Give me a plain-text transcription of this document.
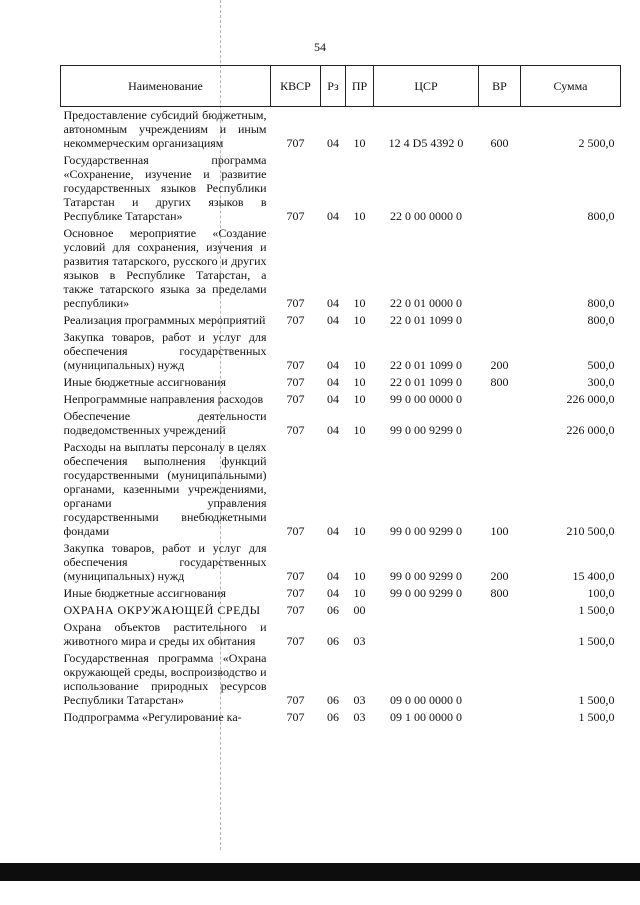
54
Наименование	КВСР	Рз	ПР	ЦСР	ВР	Сумма
Предоставление субсидий бюджетным, автономным учреждениям и иным некоммерческим организациям	707	04	10	12 4 D5 4392 0	600	2 500,0
Государственная программа «Сохранение, изучение и развитие государственных языков Республики Татарстан и других языков в Республике Татарстан»	707	04	10	22 0 00 0000 0		800,0
Основное мероприятие «Создание условий для сохранения, изучения и развития татарского, русского и других языков в Республике Татарстан, а также татарского языка за пределами республики»	707	04	10	22 0 01 0000 0		800,0
Реализация программных мероприятий	707	04	10	22 0 01 1099 0		800,0
Закупка товаров, работ и услуг для обеспечения государственных (муниципальных) нужд	707	04	10	22 0 01 1099 0	200	500,0
Иные бюджетные ассигнования	707	04	10	22 0 01 1099 0	800	300,0
Непрограммные направления расходов	707	04	10	99 0 00 0000 0		226 000,0
Обеспечение деятельности подведомственных учреждений	707	04	10	99 0 00 9299 0		226 000,0
Расходы на выплаты персоналу в целях обеспечения выполнения функций государственными (муниципальными) органами, казенными учреждениями, органами управления государственными внебюджетными фондами	707	04	10	99 0 00 9299 0	100	210 500,0
Закупка товаров, работ и услуг для обеспечения государственных (муниципальных) нужд	707	04	10	99 0 00 9299 0	200	15 400,0
Иные бюджетные ассигнования	707	04	10	99 0 00 9299 0	800	100,0
ОХРАНА ОКРУЖАЮЩЕЙ СРЕДЫ	707	06	00			1 500,0
Охрана объектов растительного и животного мира и среды их обитания	707	06	03			1 500,0
Государственная программа «Охрана окружающей среды, воспроизводство и использование природных ресурсов Республики Татарстан»	707	06	03	09 0 00 0000 0		1 500,0
Подпрограмма «Регулирование ка-	707	06	03	09 1 00 0000 0		1 500,0
